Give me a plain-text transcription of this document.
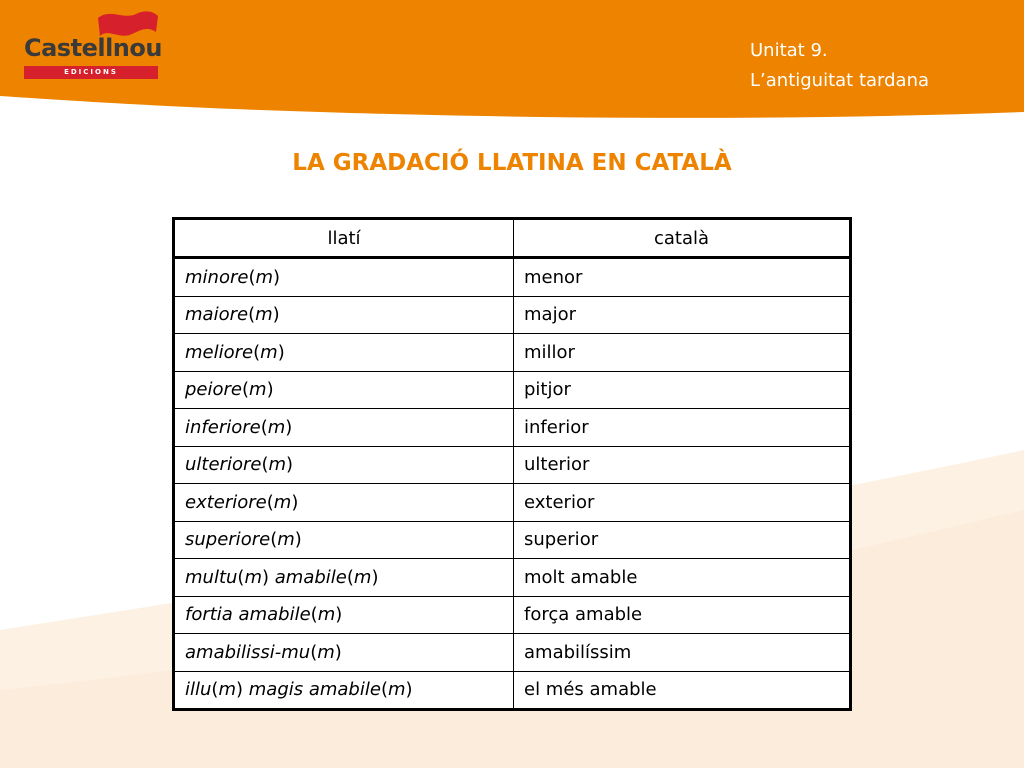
Castellnou
EDICIONS
Unitat 9.
L’antiguitat tardana
LA GRADACIÓ LLATINA EN CATALÀ
llatí	català
minore(m)	menor
maiore(m)	major
meliore(m)	millor
peiore(m)	pitjor
inferiore(m)	inferior
ulteriore(m)	ulterior
exteriore(m)	exterior
superiore(m)	superior
multu(m) amabile(m)	molt amable
fortia amabile(m)	força amable
amabilissi-mu(m)	amabilíssim
illu(m) magis amabile(m)	el més amable
